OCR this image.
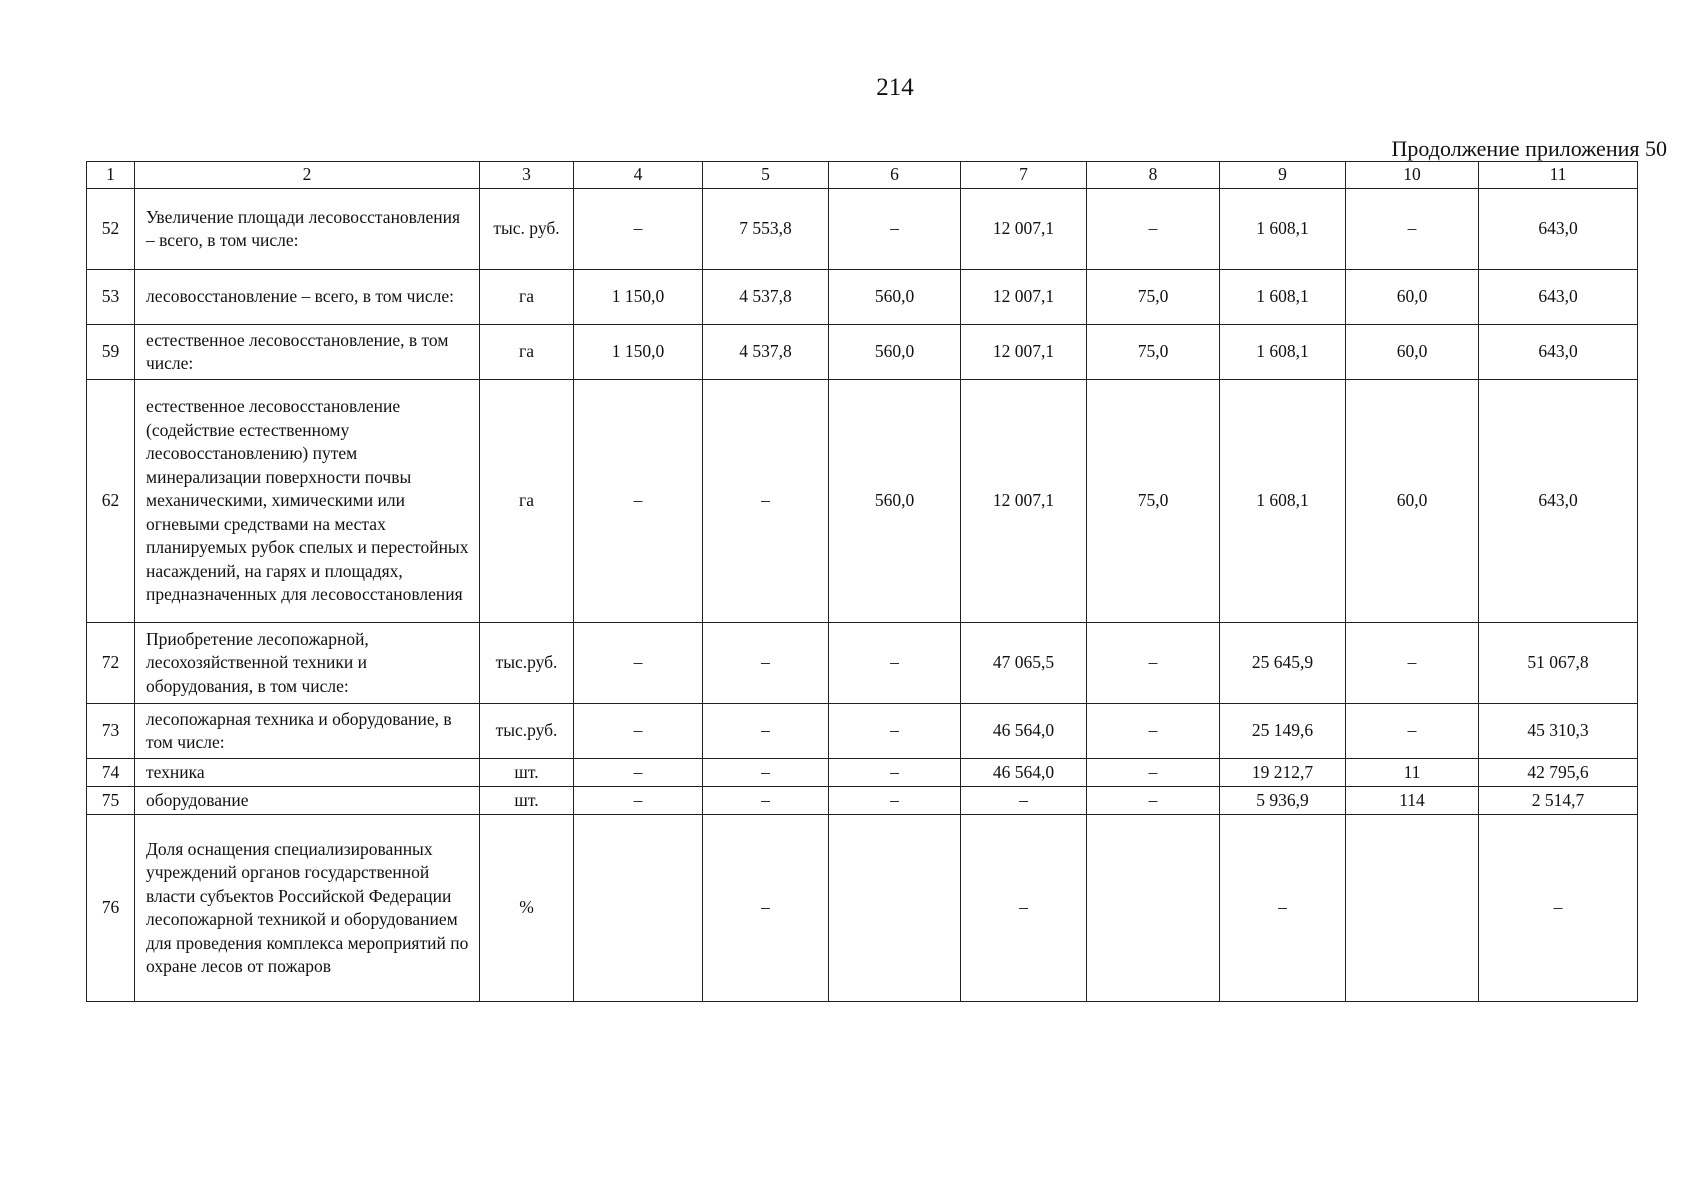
214
Продолжение приложения 50
1	2	3	4	5	6	7	8	9	10	11
52	Увеличение площади лесовосстановления – всего, в том числе:	тыс. руб.	–	7 553,8	–	12 007,1	–	1 608,1	–	643,0
53	лесовосстановление – всего, в том числе:	га	1 150,0	4 537,8	560,0	12 007,1	75,0	1 608,1	60,0	643,0
59	естественное лесовосстановление, в том числе:	га	1 150,0	4 537,8	560,0	12 007,1	75,0	1 608,1	60,0	643,0
62	естественное лесовосстановление (содействие естественному лесовосстановлению) путем минерализации поверхности почвы механическими, химическими или огневыми средствами на местах планируемых рубок спелых и перестойных насаждений, на гарях и площадях, предназначенных для лесовосстановления	га	–	–	560,0	12 007,1	75,0	1 608,1	60,0	643,0
72	Приобретение лесопожарной, лесохозяйственной техники и оборудования, в том числе:	тыс.руб.	–	–	–	47 065,5	–	25 645,9	–	51 067,8
73	лесопожарная техника и оборудование, в том числе:	тыс.руб.	–	–	–	46 564,0	–	25 149,6	–	45 310,3
74	техника	шт.	–	–	–	46 564,0	–	19 212,7	11	42 795,6
75	оборудование	шт.	–	–	–	–	–	5 936,9	114	2 514,7
76	Доля оснащения специализированных учреждений органов государственной власти субъектов Российской Федерации лесопожарной техникой и оборудованием для проведения комплекса мероприятий по охране лесов от пожаров	%		–		–		–		–
